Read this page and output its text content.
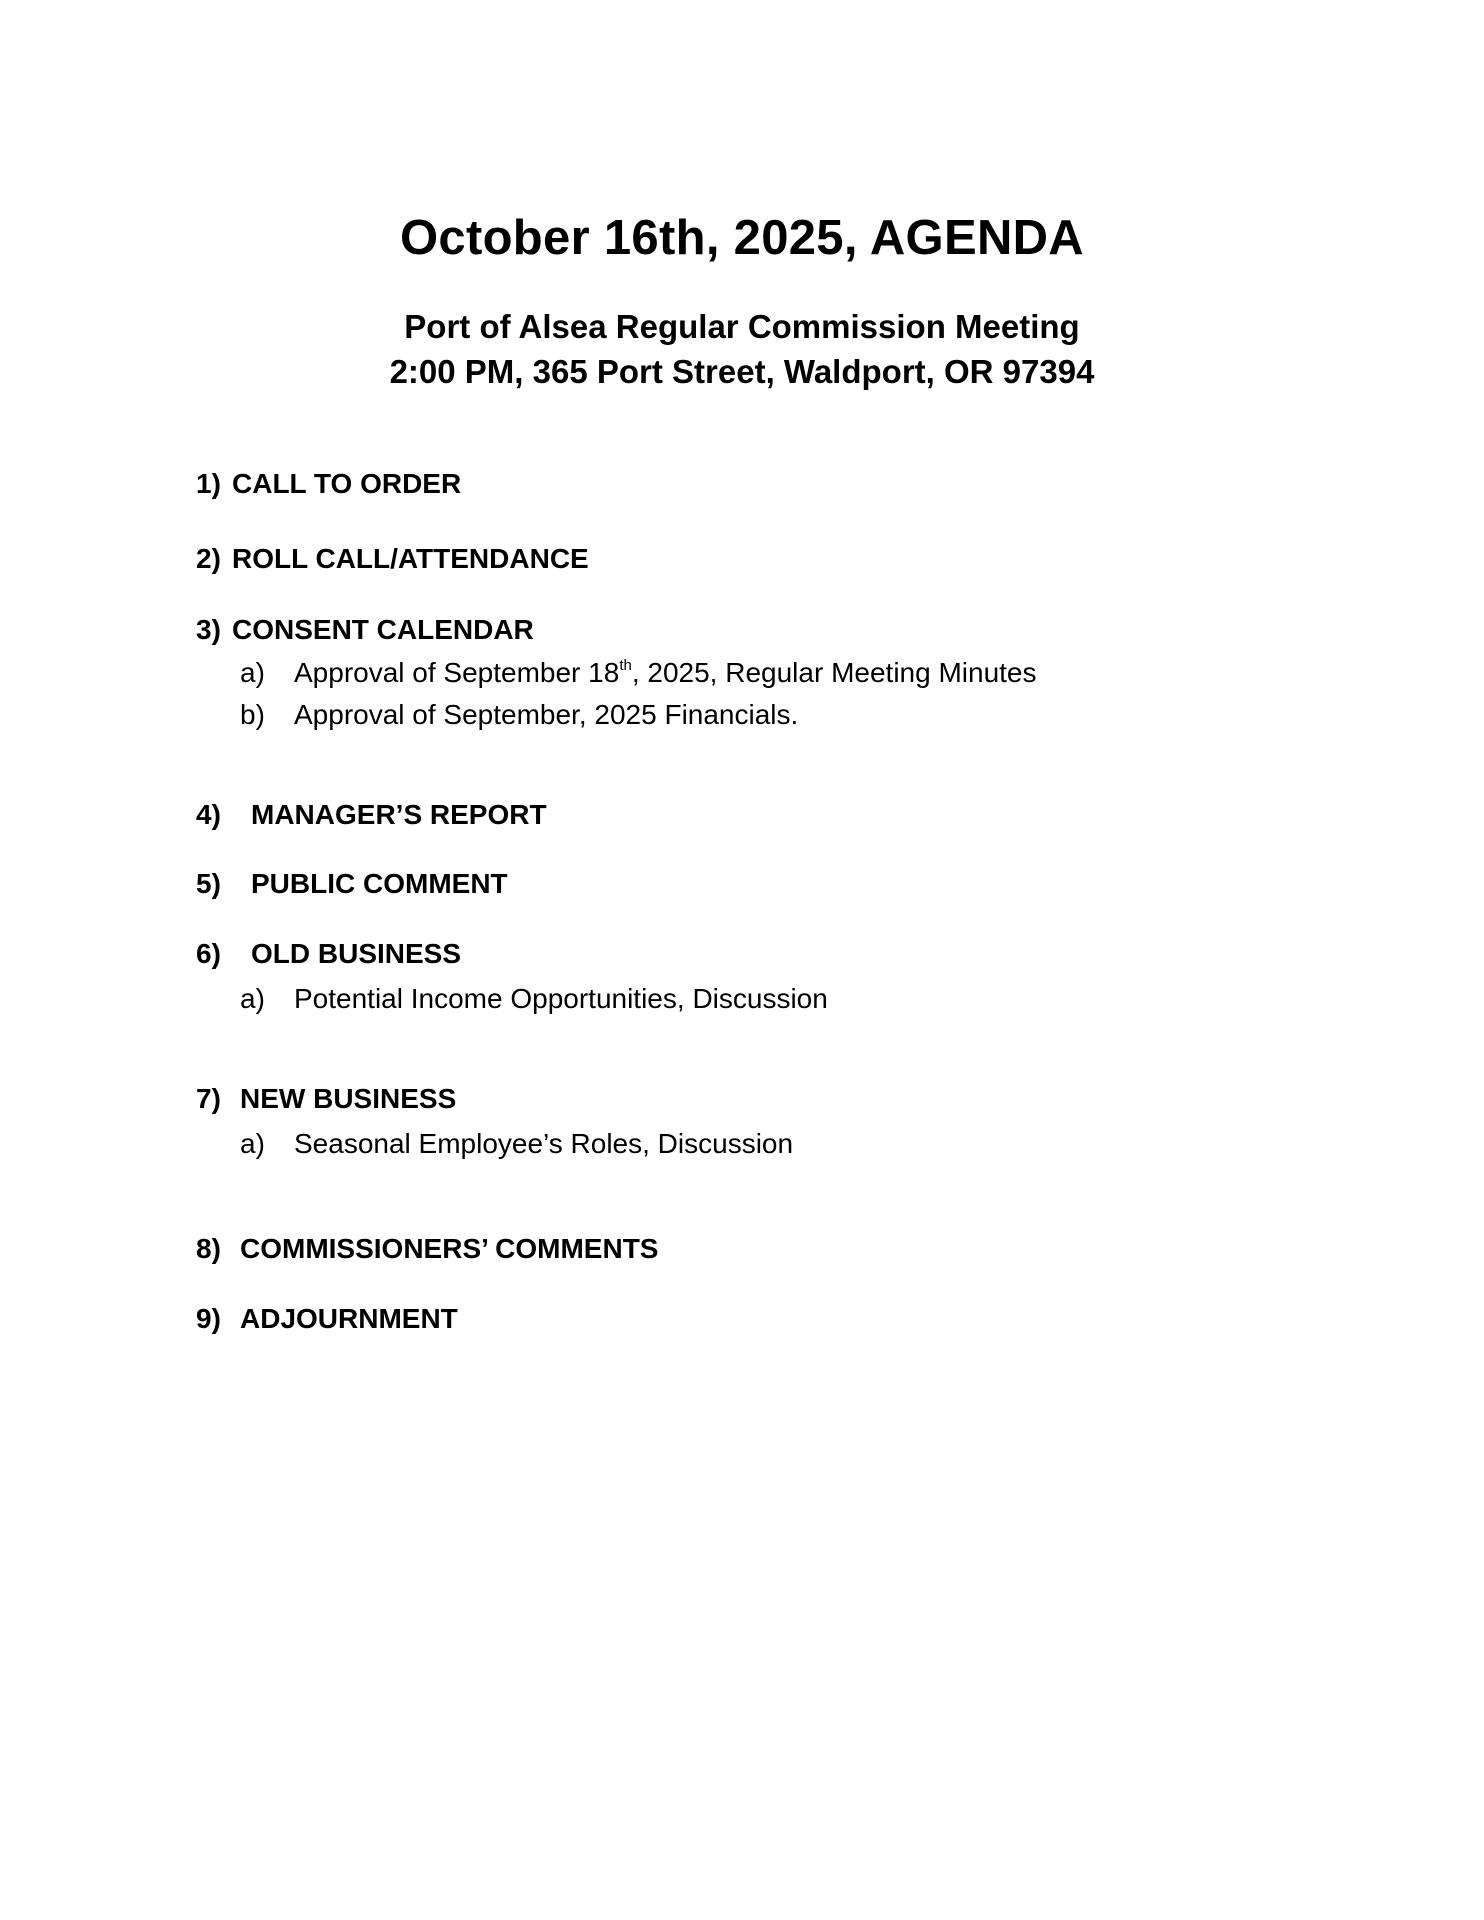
October 16th, 2025, AGENDA
Port of Alsea Regular Commission Meeting
2:00 PM, 365 Port Street, Waldport, OR 97394
1) CALL TO ORDER
2) ROLL CALL/ATTENDANCE
3) CONSENT CALENDAR
a) Approval of September 18th, 2025, Regular Meeting Minutes
b) Approval of September, 2025 Financials.
4) MANAGER’S REPORT
5) PUBLIC COMMENT
6) OLD BUSINESS
a) Potential Income Opportunities, Discussion
7) NEW BUSINESS
a) Seasonal Employee’s Roles, Discussion
8) COMMISSIONERS’ COMMENTS
9) ADJOURNMENT
